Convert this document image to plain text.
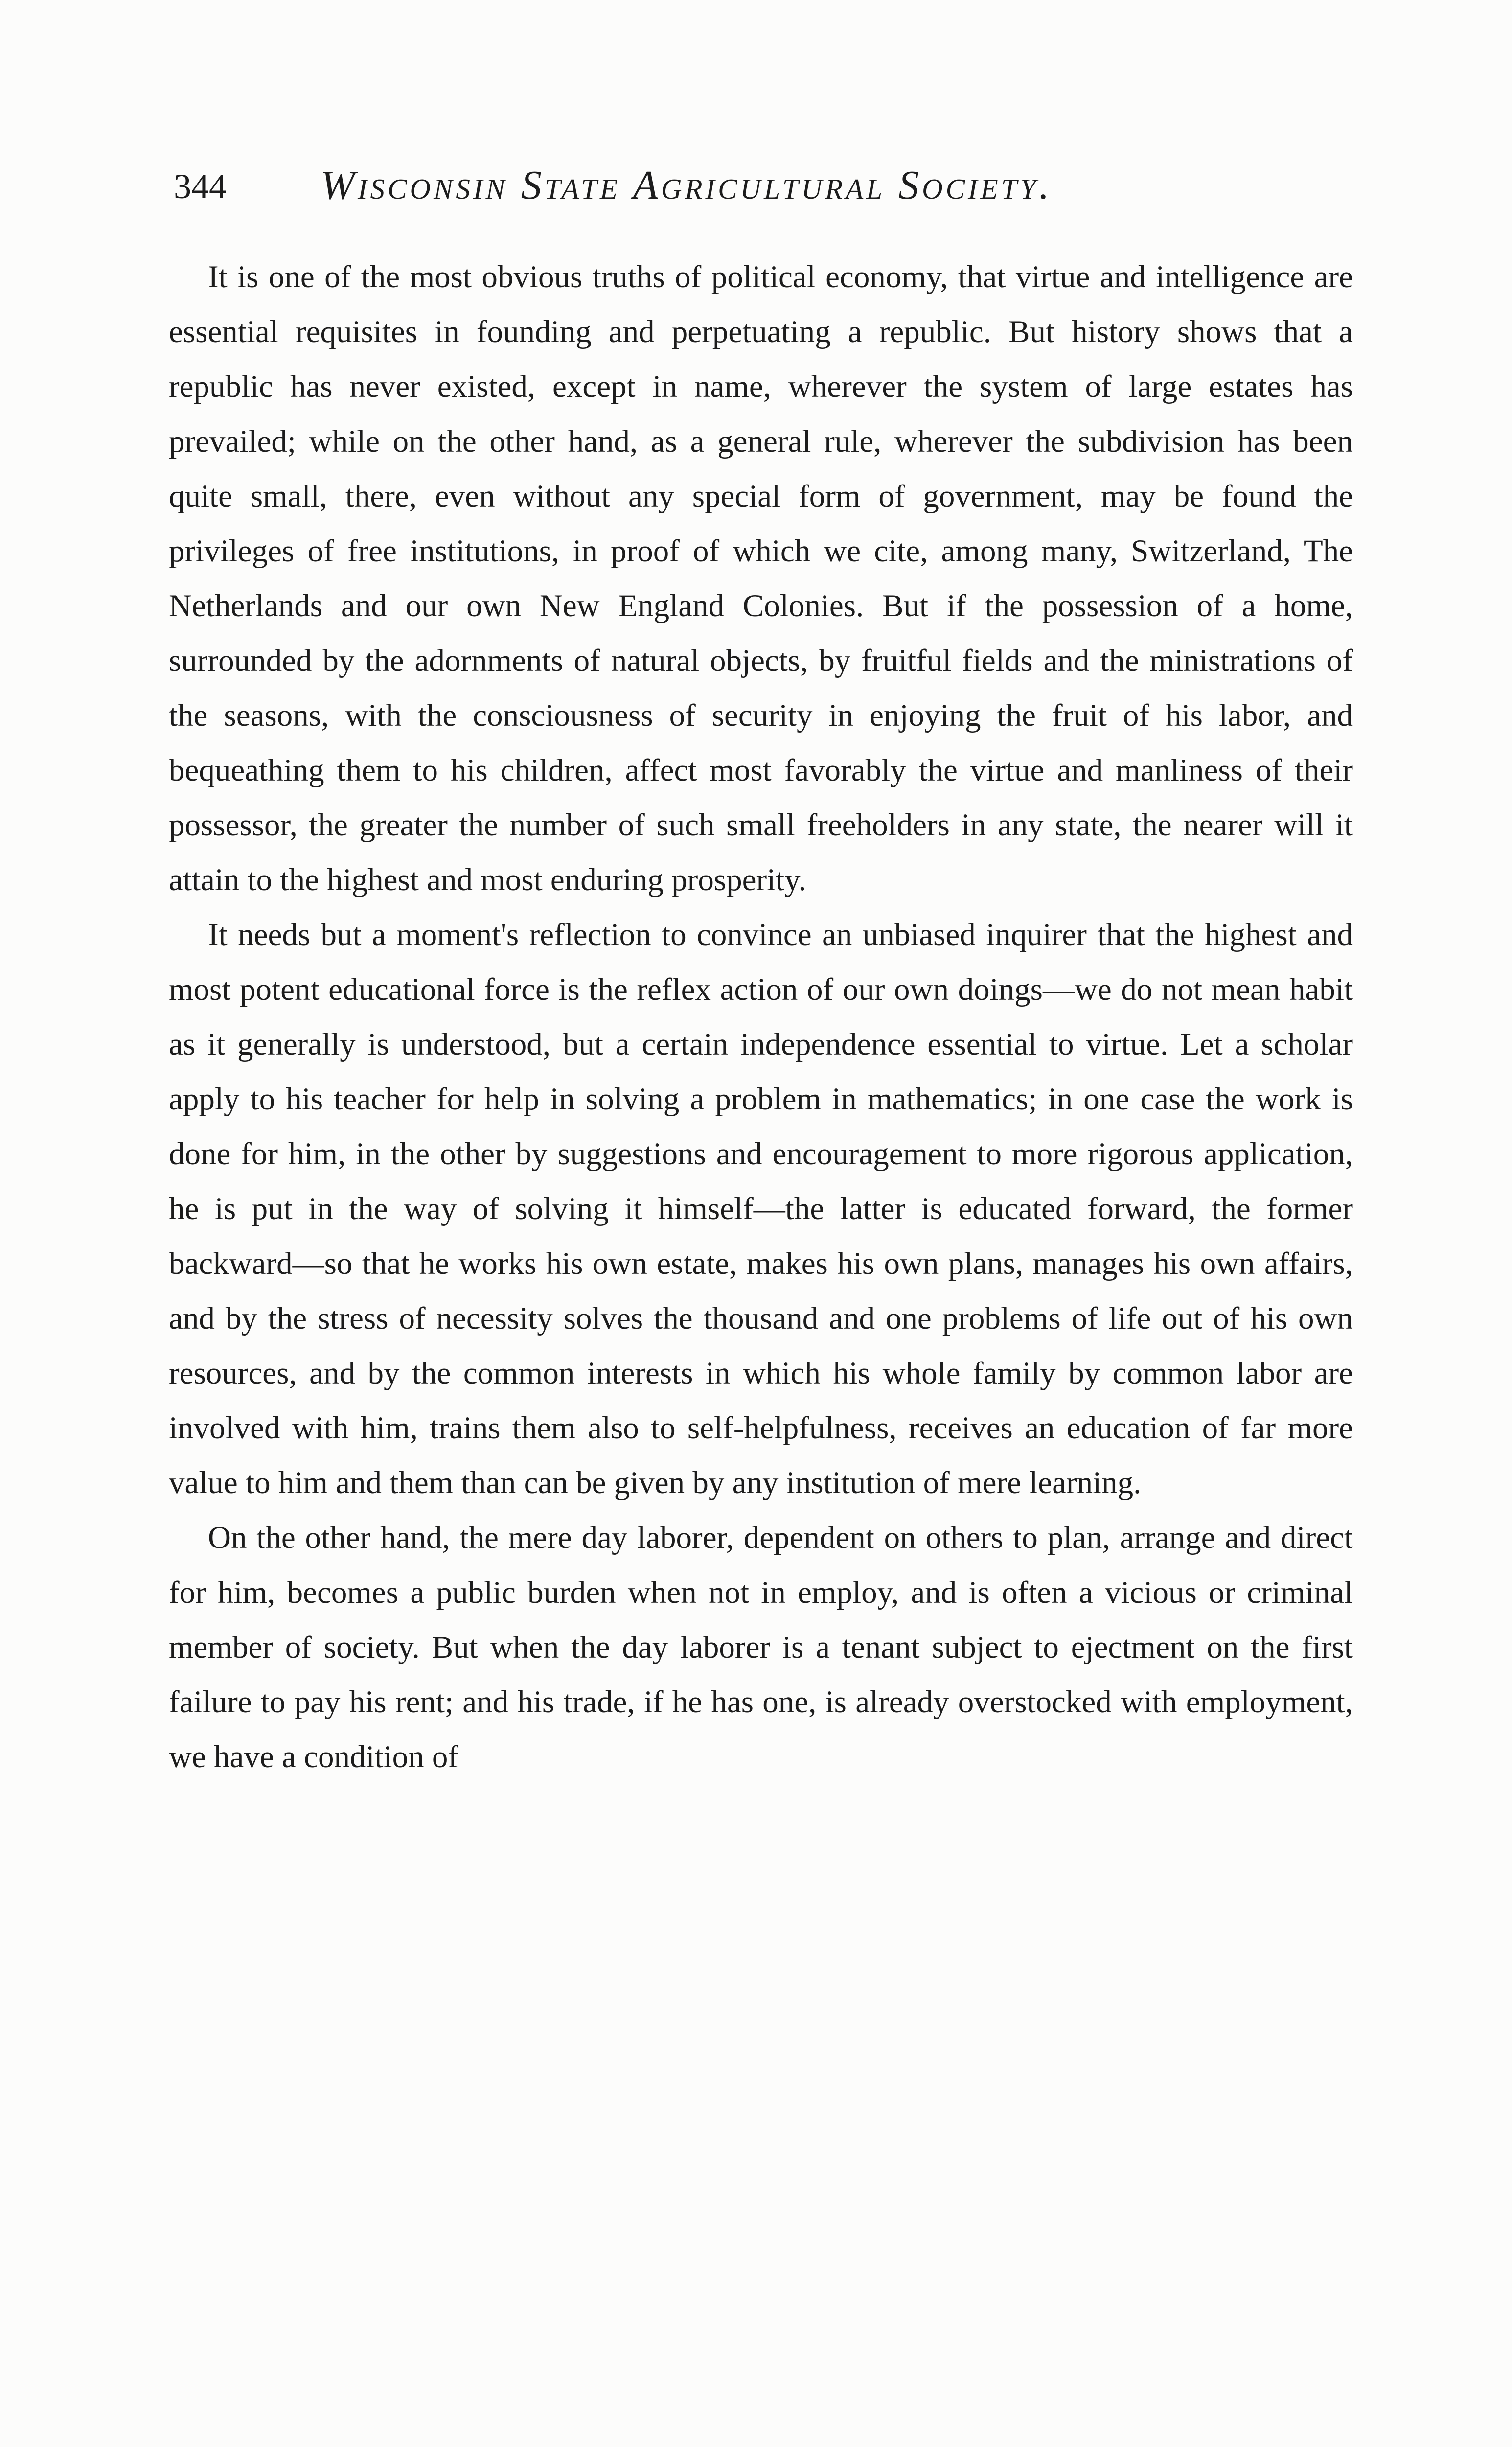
344 Wisconsin State Agricultural Society.

It is one of the most obvious truths of political economy, that virtue and intelligence are essential requisites in founding and perpetuating a republic. But history shows that a republic has never existed, except in name, wherever the system of large estates has prevailed; while on the other hand, as a general rule, wherever the subdivision has been quite small, there, even without any special form of government, may be found the privileges of free institutions, in proof of which we cite, among many, Switzerland, The Netherlands and our own New England Colonies. But if the possession of a home, surrounded by the adornments of natural objects, by fruitful fields and the ministrations of the seasons, with the consciousness of security in enjoying the fruit of his labor, and bequeathing them to his children, affect most favorably the virtue and manliness of their possessor, the greater the number of such small freeholders in any state, the nearer will it attain to the highest and most enduring prosperity.

It needs but a moment's reflection to convince an unbiased inquirer that the highest and most potent educational force is the reflex action of our own doings—we do not mean habit as it generally is understood, but a certain independence essential to virtue. Let a scholar apply to his teacher for help in solving a problem in mathematics; in one case the work is done for him, in the other by suggestions and encouragement to more rigorous application, he is put in the way of solving it himself—the latter is educated forward, the former backward—so that he works his own estate, makes his own plans, manages his own affairs, and by the stress of necessity solves the thousand and one problems of life out of his own resources, and by the common interests in which his whole family by common labor are involved with him, trains them also to self-helpfulness, receives an education of far more value to him and them than can be given by any institution of mere learning.

On the other hand, the mere day laborer, dependent on others to plan, arrange and direct for him, becomes a public burden when not in employ, and is often a vicious or criminal member of society. But when the day laborer is a tenant subject to ejectment on the first failure to pay his rent; and his trade, if he has one, is already overstocked with employment, we have a condition of
